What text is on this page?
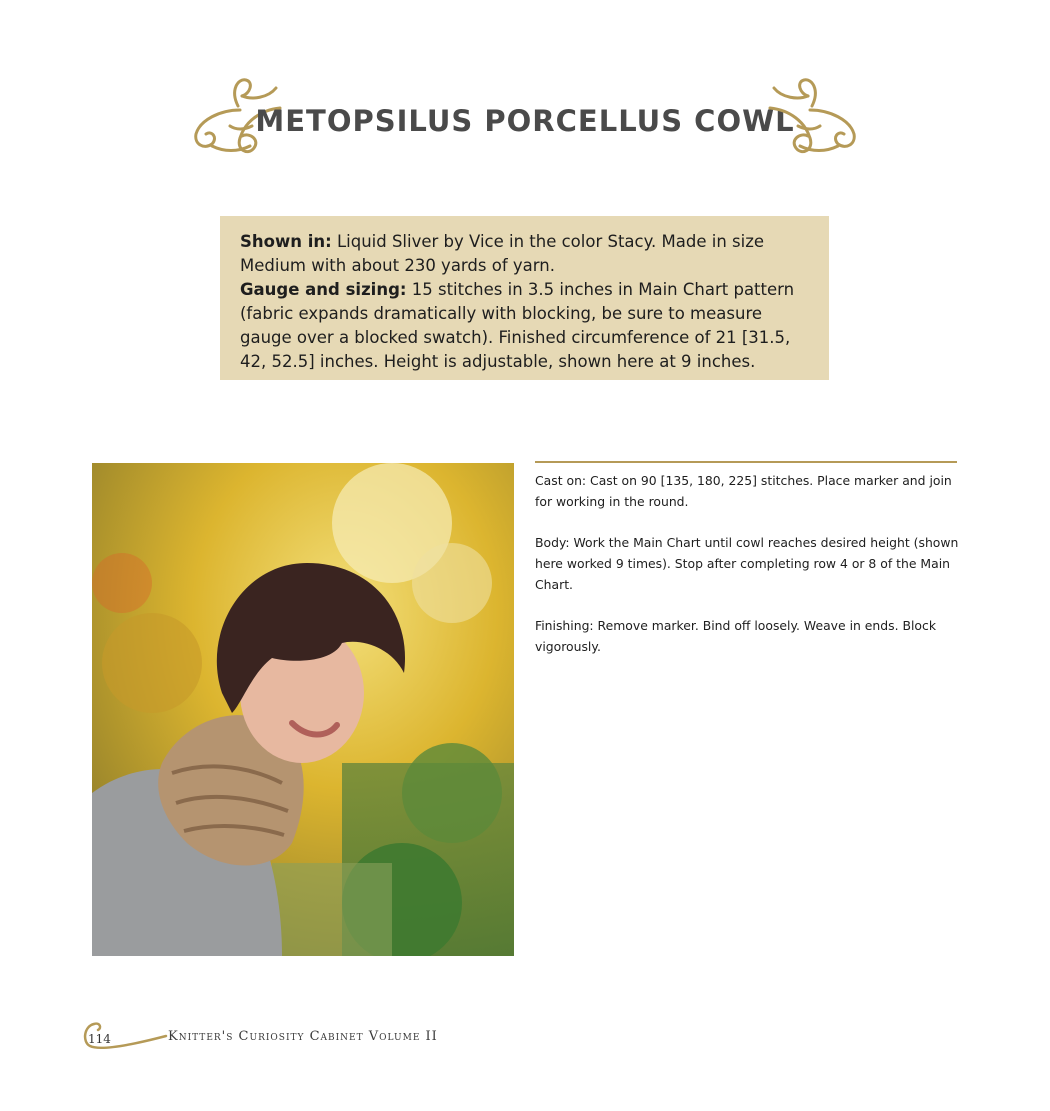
METOPSILUS PORCELLUS COWL

Shown in: Liquid Sliver by Vice in the color Stacy. Made in size Medium with about 230 yards of yarn.

Gauge and sizing: 15 stitches in 3.5 inches in Main Chart pattern (fabric expands dramatically with blocking, be sure to measure gauge over a blocked swatch). Finished circumference of 21 [31.5, 42, 52.5] inches. Height is adjustable, shown here at 9 inches.

Cast on: Cast on 90 [135, 180, 225] stitches. Place marker and join for working in the round.

Body: Work the Main Chart until cowl reaches desired height (shown here worked 9 times). Stop after completing row 4 or 8 of the Main Chart.

Finishing: Remove marker. Bind off loosely. Weave in ends. Block vigorously.

114	Knitter's Curiosity Cabinet Volume II
